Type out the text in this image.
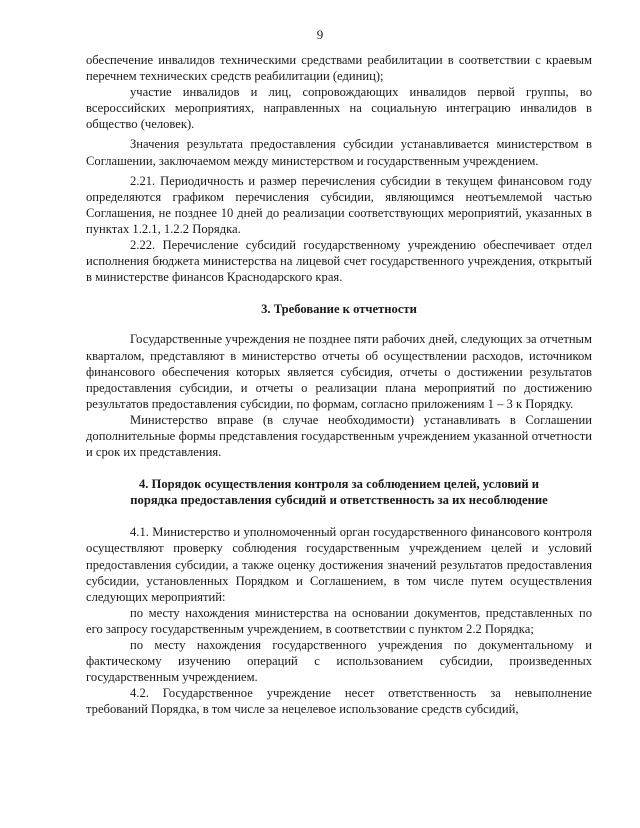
9

обеспечение инвалидов техническими средствами реабилитации в соответствии с краевым перечнем технических средств реабилитации (единиц);

участие инвалидов и лиц, сопровождающих инвалидов первой группы, во всероссийских мероприятиях, направленных на социальную интеграцию инвалидов в общество (человек).

Значения результата предоставления субсидии устанавливается министерством в Соглашении, заключаемом между министерством и государственным учреждением.

2.21. Периодичность и размер перечисления субсидии в текущем финансовом году определяются графиком перечисления субсидии, являющимся неотъемлемой частью Соглашения, не позднее 10 дней до реализации соответствующих мероприятий, указанных в пунктах 1.2.1, 1.2.2 Порядка.

2.22. Перечисление субсидий государственному учреждению обеспечивает отдел исполнения бюджета министерства на лицевой счет государственного учреждения, открытый в министерстве финансов Краснодарского края.

3. Требование к отчетности

Государственные учреждения не позднее пяти рабочих дней, следующих за отчетным кварталом, представляют в министерство отчеты об осуществлении расходов, источником финансового обеспечения которых является субсидия, отчеты о достижении результатов предоставления субсидии, и отчеты о реализации плана мероприятий по достижению результатов предоставления субсидии, по формам, согласно приложениям 1 – 3 к Порядку.

Министерство вправе (в случае необходимости) устанавливать в Соглашении дополнительные формы представления государственным учреждением указанной отчетности и срок их представления.

4. Порядок осуществления контроля за соблюдением целей, условий и порядка предоставления субсидий и ответственность за их несоблюдение

4.1. Министерство и уполномоченный орган государственного финансового контроля осуществляют проверку соблюдения государственным учреждением целей и условий предоставления субсидии, а также оценку достижения значений результатов предоставления субсидии, установленных Порядком и Соглашением, в том числе путем осуществления следующих мероприятий:

по месту нахождения министерства на основании документов, представленных по его запросу государственным учреждением, в соответствии с пунктом 2.2 Порядка;

по месту нахождения государственного учреждения по документальному и фактическому изучению операций с использованием субсидии, произведенных государственным учреждением.

4.2. Государственное учреждение несет ответственность за невыполнение требований Порядка, в том числе за нецелевое использование средств субсидий,
